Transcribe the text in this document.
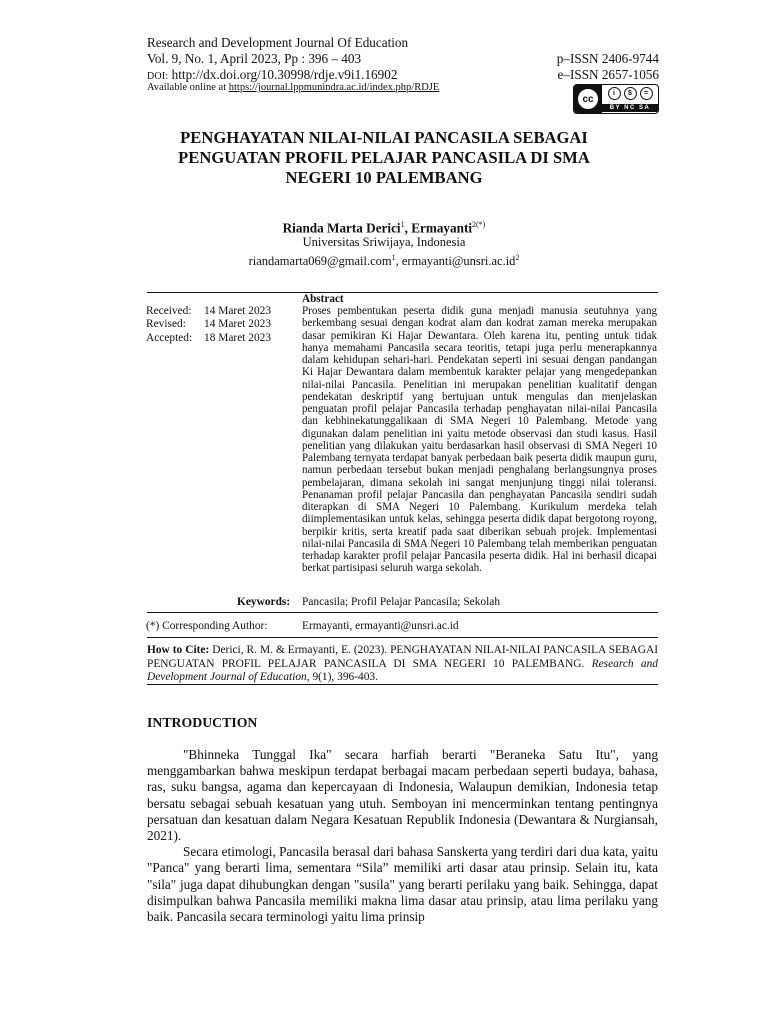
Research and Development Journal Of Education
Vol. 9, No. 1, April 2023, Pp : 396 – 403
DOI: http://dx.doi.org/10.30998/rdje.v9i1.16902
Available online at https://journal.lppmunindra.ac.id/index.php/RDJE
p–ISSN 2406-9744
e–ISSN 2657-1056
cc	i	$	=
BY NC SA
PENGHAYATAN NILAI-NILAI PANCASILA SEBAGAI PENGUATAN PROFIL PELAJAR PANCASILA DI SMA NEGERI 10 PALEMBANG
Rianda Marta Derici$^1$, Ermayanti$^{2(*)}$
Universitas Sriwijaya, Indonesia
riandamarta069@gmail.com$^1$, $ermayanti@unsri.ac.id^2$
Abstract
Received:	14 Maret 2023
Revised:	14 Maret 2023
Accepted:	18 Maret 2023
Proses pembentukan peserta didik guna menjadi manusia seutuhnya yang berkembang sesuai dengan kodrat alam dan kodrat zaman mereka merupakan dasar pemikiran Ki Hajar Dewantara. Oleh karena itu, penting untuk tidak hanya memahami Pancasila secara teoritis, tetapi juga perlu menerapkannya dalam kehidupan sehari-hari. Pendekatan seperti ini sesuai dengan pandangan Ki Hajar Dewantara dalam membentuk karakter pelajar yang mengedepankan nilai-nilai Pancasila. Penelitian ini merupakan penelitian kualitatif dengan pendekatan deskriptif yang bertujuan untuk mengulas dan menjelaskan penguatan profil pelajar Pancasila terhadap penghayatan nilai-nilai Pancasila dan kebhinekatunggalikaan di SMA Negeri 10 Palembang. Metode yang digunakan dalam penelitian ini yaitu metode observasi dan studi kasus. Hasil penelitian yang dilakukan yaitu berdasarkan hasil observasi di SMA Negeri 10 Palembang ternyata terdapat banyak perbedaan baik peserta didik maupun guru, namun perbedaan tersebut bukan menjadi penghalang berlangsungnya proses pembelajaran, dimana sekolah ini sangat menjunjung tinggi nilai toleransi. Penanaman profil pelajar Pancasila dan penghayatan Pancasila sendiri sudah diterapkan di SMA Negeri 10 Palembang. Kurikulum merdeka telah diimplementasikan untuk kelas, sehingga peserta didik dapat bergotong royong, berpikir kritis, serta kreatif pada saat diberikan sebuah projek. Implementasi nilai-nilai Pancasila di SMA Negeri 10 Palembang telah memberikan penguatan terhadap karakter profil pelajar Pancasila peserta didik. Hal ini berhasil dicapai berkat partisipasi seluruh warga sekolah.
Keywords: Pancasila; Profil Pelajar Pancasila; Sekolah
(*) Corresponding Author:	Ermayanti, ermayanti@unsri.ac.id
How to Cite: Derici, R. M. & Ermayanti, E. (2023). PENGHAYATAN NILAI-NILAI PANCASILA SEBAGAI PENGUATAN PROFIL PELAJAR PANCASILA DI SMA NEGERI 10 PALEMBANG. Research and Development Journal of Education, 9(1), 396-403.
INTRODUCTION

"Bhinneka Tunggal Ika" secara harfiah berarti "Beraneka Satu Itu", yang menggambarkan bahwa meskipun terdapat berbagai macam perbedaan seperti budaya, bahasa, ras, suku bangsa, agama dan kepercayaan di Indonesia, Walaupun demikian, Indonesia tetap bersatu sebagai sebuah kesatuan yang utuh. Semboyan ini mencerminkan tentang pentingnya persatuan dan kesatuan dalam Negara Kesatuan Republik Indonesia (Dewantara & Nurgiansah, 2021).

Secara etimologi, Pancasila berasal dari bahasa Sanskerta yang terdiri dari dua kata, yaitu "Panca" yang berarti lima, sementara “Sila” memiliki arti dasar atau prinsip. Selain itu, kata "sila" juga dapat dihubungkan dengan "susila" yang berarti perilaku yang baik. Sehingga, dapat disimpulkan bahwa Pancasila memiliki makna lima dasar atau prinsip, atau lima perilaku yang baik. Pancasila secara terminologi yaitu lima prinsip
